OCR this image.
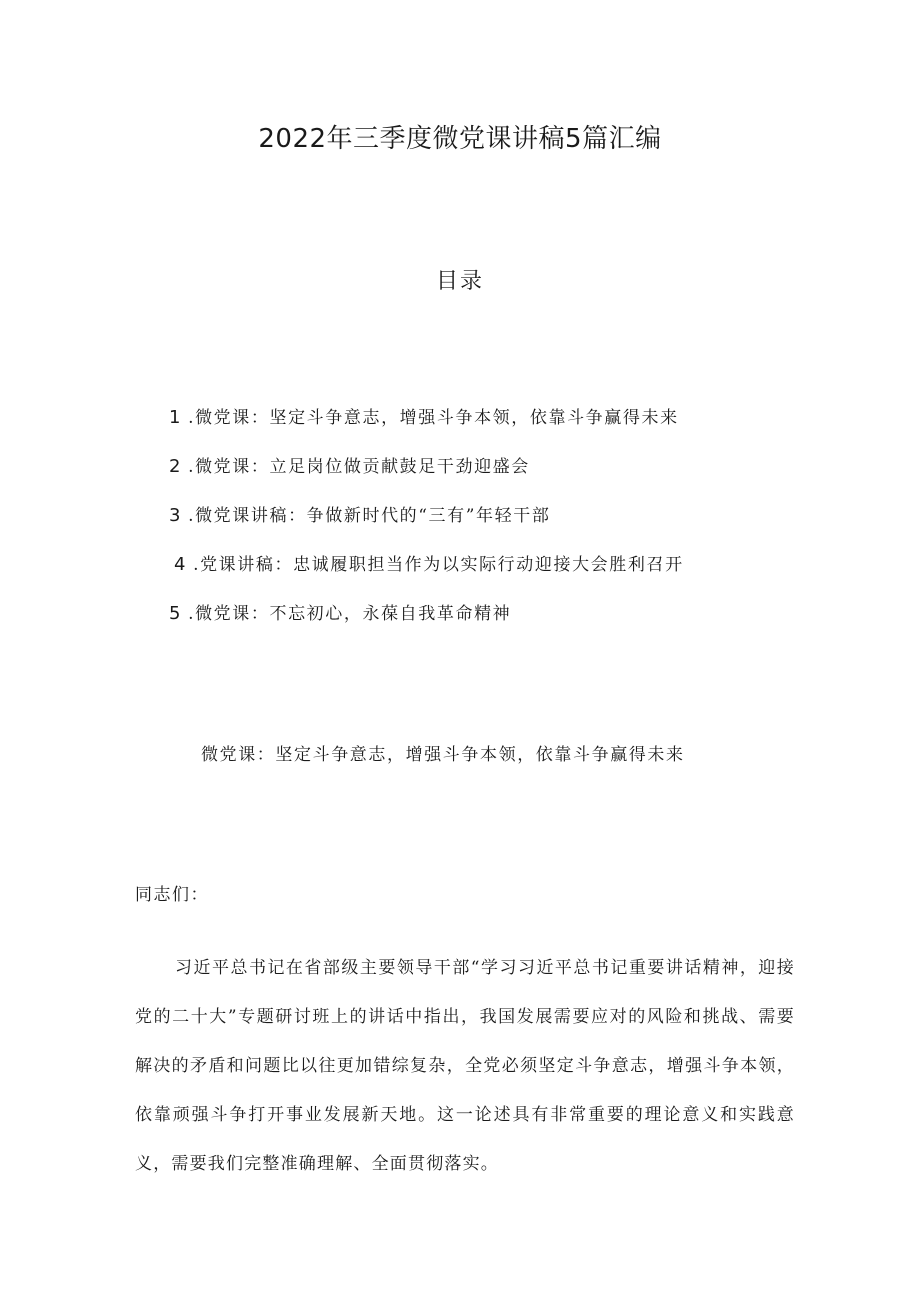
2022年三季度微党课讲稿5篇汇编
目录
1 .微党课：坚定斗争意志，增强斗争本领，依靠斗争赢得未来
2 .微党课：立足岗位做贡献鼓足干劲迎盛会
3 .微党课讲稿：争做新时代的“三有”年轻干部
4 .党课讲稿：忠诚履职担当作为以实际行动迎接大会胜利召开
5 .微党课：不忘初心，永葆自我革命精神
微党课：坚定斗争意志，增强斗争本领，依靠斗争赢得未来

同志们：

习近平总书记在省部级主要领导干部“学习习近平总书记重要讲话精神，迎接党的二十大”专题研讨班上的讲话中指出，我国发展需要应对的风险和挑战、需要解决的矛盾和问题比以往更加错综复杂，全党必须坚定斗争意志，增强斗争本领，依靠顽强斗争打开事业发展新天地。这一论述具有非常重要的理论意义和实践意义，需要我们完整准确理解、全面贯彻落实。
